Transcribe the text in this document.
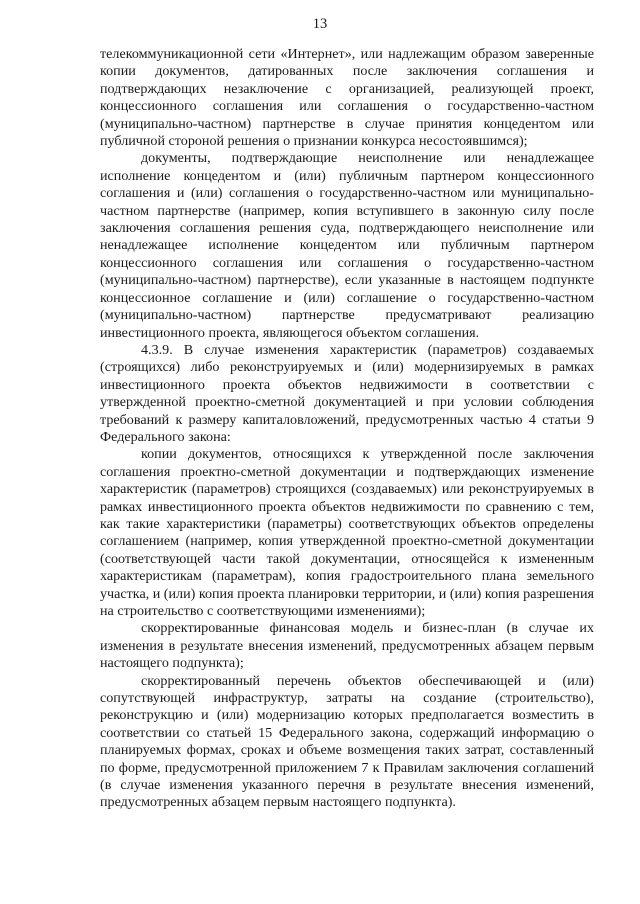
13

телекоммуникационной сети «Интернет», или надлежащим образом заверенные копии документов, датированных после заключения соглашения и подтверждающих незаключение с организацией, реализующей проект, концессионного соглашения или соглашения о государственно-частном (муниципально-частном) партнерстве в случае принятия концедентом или публичной стороной решения о признании конкурса несостоявшимся);

документы, подтверждающие неисполнение или ненадлежащее исполнение концедентом и (или) публичным партнером концессионного соглашения и (или) соглашения о государственно-частном или муниципально-частном партнерстве (например, копия вступившего в законную силу после заключения соглашения решения суда, подтверждающего неисполнение или ненадлежащее исполнение концедентом или публичным партнером концессионного соглашения или соглашения о государственно-частном (муниципально-частном) партнерстве), если указанные в настоящем подпункте концессионное соглашение и (или) соглашение о государственно-частном (муниципально-частном) партнерстве предусматривают реализацию инвестиционного проекта, являющегося объектом соглашения.

4.3.9. В случае изменения характеристик (параметров) создаваемых (строящихся) либо реконструируемых и (или) модернизируемых в рамках инвестиционного проекта объектов недвижимости в соответствии с утвержденной проектно-сметной документацией и при условии соблюдения требований к размеру капиталовложений, предусмотренных частью 4 статьи 9 Федерального закона:

копии документов, относящихся к утвержденной после заключения соглашения проектно-сметной документации и подтверждающих изменение характеристик (параметров) строящихся (создаваемых) или реконструируемых в рамках инвестиционного проекта объектов недвижимости по сравнению с тем, как такие характеристики (параметры) соответствующих объектов определены соглашением (например, копия утвержденной проектно-сметной документации (соответствующей части такой документации, относящейся к измененным характеристикам (параметрам), копия градостроительного плана земельного участка, и (или) копия проекта планировки территории, и (или) копия разрешения на строительство с соответствующими изменениями);

скорректированные финансовая модель и бизнес-план (в случае их изменения в результате внесения изменений, предусмотренных абзацем первым настоящего подпункта);

скорректированный перечень объектов обеспечивающей и (или) сопутствующей инфраструктур, затраты на создание (строительство), реконструкцию и (или) модернизацию которых предполагается возместить в соответствии со статьей 15 Федерального закона, содержащий информацию о планируемых формах, сроках и объеме возмещения таких затрат, составленный по форме, предусмотренной приложением 7 к Правилам заключения соглашений (в случае изменения указанного перечня в результате внесения изменений, предусмотренных абзацем первым настоящего подпункта).
